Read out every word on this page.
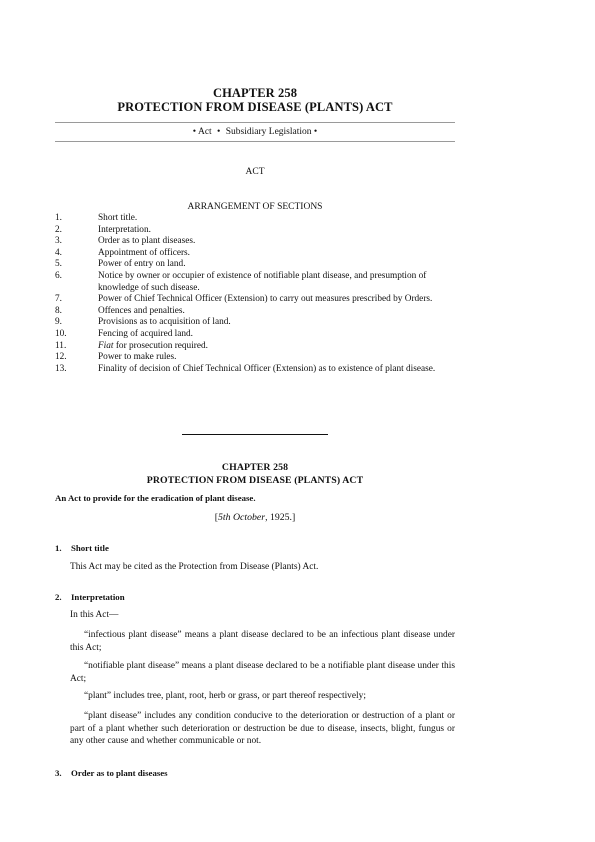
CHAPTER 258
PROTECTION FROM DISEASE (PLANTS) ACT
• Act • Subsidiary Legislation •
ACT
ARRANGEMENT OF SECTIONS
1.	Short title.
2.	Interpretation.
3.	Order as to plant diseases.
4.	Appointment of officers.
5.	Power of entry on land.
6.	Notice by owner or occupier of existence of notifiable plant disease, and presumption of knowledge of such disease.
7.	Power of Chief Technical Officer (Extension) to carry out measures prescribed by Orders.
8.	Offences and penalties.
9.	Provisions as to acquisition of land.
10.	Fencing of acquired land.
11.	Fiat for prosecution required.
12.	Power to make rules.
13.	Finality of decision of Chief Technical Officer (Extension) as to existence of plant disease.
CHAPTER 258
PROTECTION FROM DISEASE (PLANTS) ACT
An Act to provide for the eradication of plant disease.
[5th October, 1925.]
1. Short title
This Act may be cited as the Protection from Disease (Plants) Act.
2. Interpretation
In this Act—
“infectious plant disease” means a plant disease declared to be an infectious plant disease under this Act;
“notifiable plant disease” means a plant disease declared to be a notifiable plant disease under this Act;
“plant” includes tree, plant, root, herb or grass, or part thereof respectively;
“plant disease” includes any condition conducive to the deterioration or destruction of a plant or part of a plant whether such deterioration or destruction be due to disease, insects, blight, fungus or any other cause and whether communicable or not.
3. Order as to plant diseases
